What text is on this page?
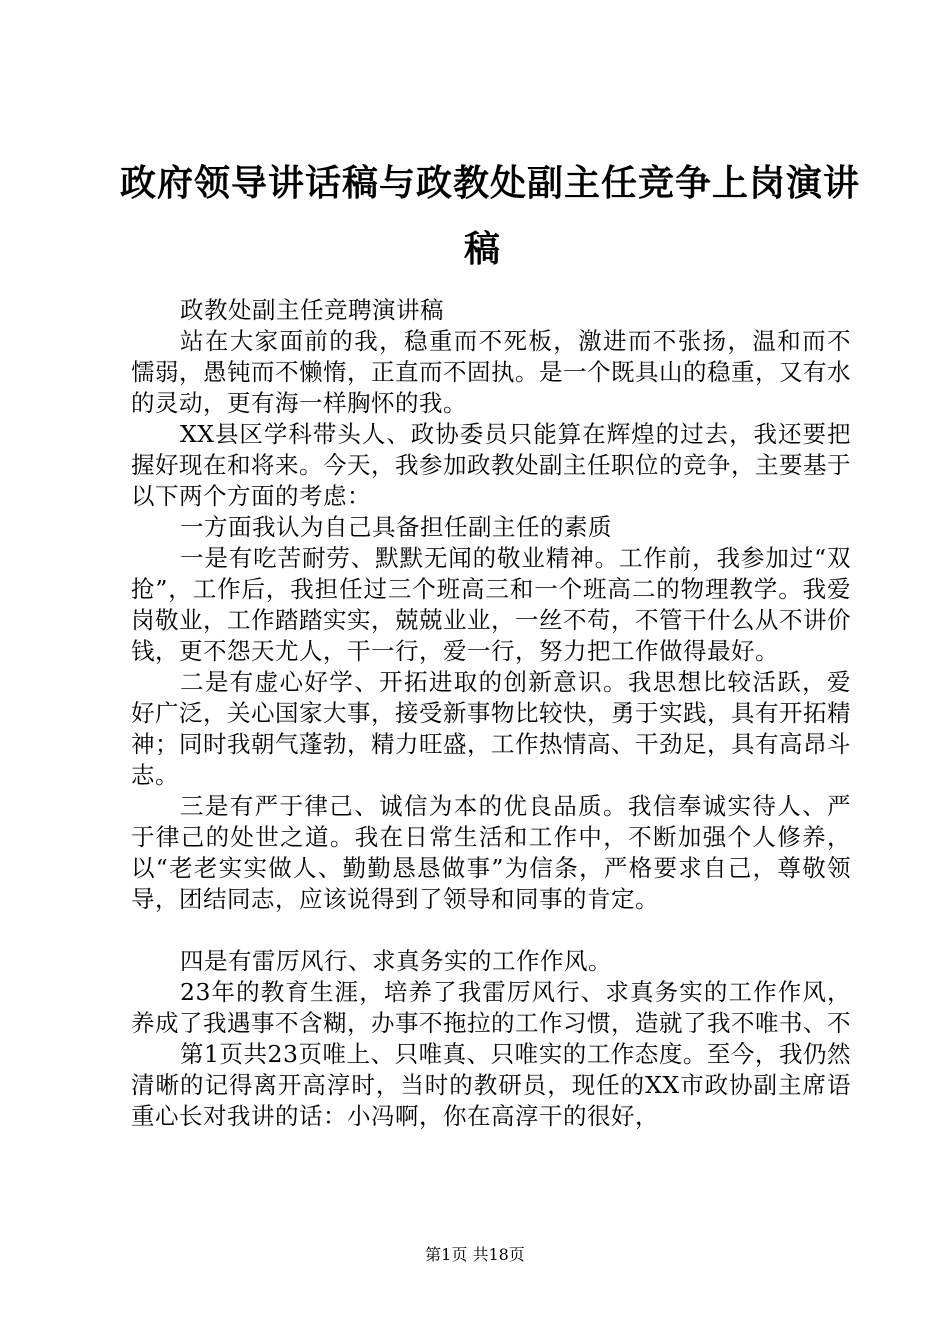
政府领导讲话稿与政教处副主任竞争上岗演讲
稿

政教处副主任竞聘演讲稿

站在大家面前的我，稳重而不死板，激进而不张扬，温和而不懦弱，愚钝而不懒惰，正直而不固执。是一个既具山的稳重，又有水的灵动，更有海一样胸怀的我。

XX县区学科带头人、政协委员只能算在辉煌的过去，我还要把握好现在和将来。今天，我参加政教处副主任职位的竞争，主要基于以下两个方面的考虑：

一方面我认为自己具备担任副主任的素质

一是有吃苦耐劳、默默无闻的敬业精神。工作前，我参加过“双抢”，工作后，我担任过三个班高三和一个班高二的物理教学。我爱岗敬业，工作踏踏实实，兢兢业业，一丝不苟，不管干什么从不讲价钱，更不怨天尤人，干一行，爱一行，努力把工作做得最好。

二是有虚心好学、开拓进取的创新意识。我思想比较活跃，爱好广泛，关心国家大事，接受新事物比较快，勇于实践，具有开拓精神；同时我朝气蓬勃，精力旺盛，工作热情高、干劲足，具有高昂斗志。

三是有严于律己、诚信为本的优良品质。我信奉诚实待人、严于律己的处世之道。我在日常生活和工作中，不断加强个人修养，以“老老实实做人、勤勤恳恳做事”为信条，严格要求自己，尊敬领导，团结同志，应该说得到了领导和同事的肯定。

四是有雷厉风行、求真务实的工作作风。

23年的教育生涯，培养了我雷厉风行、求真务实的工作作风，养成了我遇事不含糊，办事不拖拉的工作习惯，造就了我不唯书、不

第1页共23页唯上、只唯真、只唯实的工作态度。至今，我仍然清晰的记得离开高淳时，当时的教研员，现任的XX市政协副主席语重心长对我讲的话：小冯啊，你在高淳干的很好，

第1页 共18页
